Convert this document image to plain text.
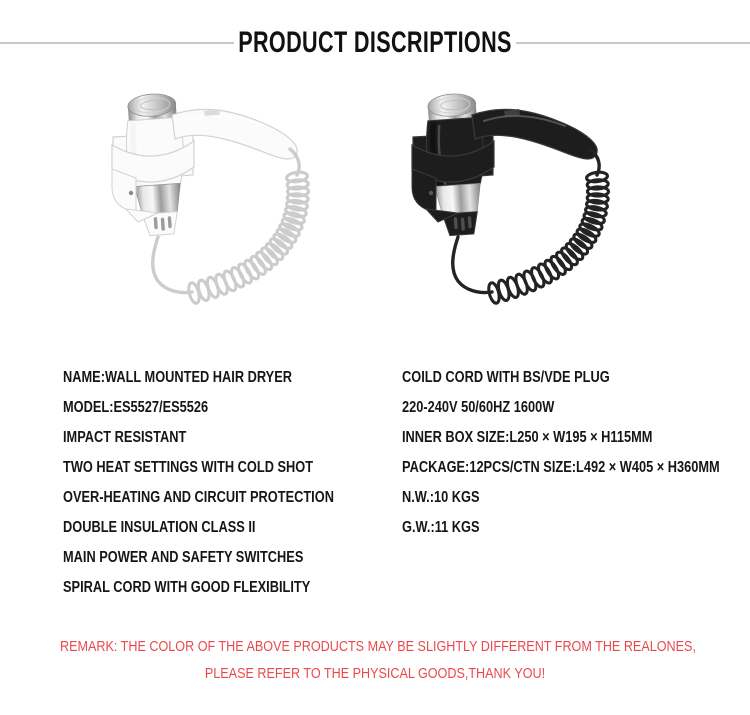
PRODUCT DISCRIPTIONS

NAME:WALL MOUNTED HAIR DRYER

MODEL:ES5527/ES5526

IMPACT RESISTANT

TWO HEAT SETTINGS WITH COLD SHOT

OVER-HEATING AND CIRCUIT PROTECTION

DOUBLE INSULATION CLASS II

MAIN POWER AND SAFETY SWITCHES

SPIRAL CORD WITH GOOD FLEXIBILITY

COILD CORD WITH BS/VDE PLUG

220-240V 50/60HZ 1600W

INNER BOX SIZE:L250 × W195 × H115MM

PACKAGE:12PCS/CTN SIZE:L492 × W405 × H360MM

N.W.:10 KGS

G.W.:11 KGS

REMARK: THE COLOR OF THE ABOVE PRODUCTS MAY BE SLIGHTLY DIFFERENT FROM THE REALONES,

PLEASE REFER TO THE PHYSICAL GOODS,THANK YOU!
